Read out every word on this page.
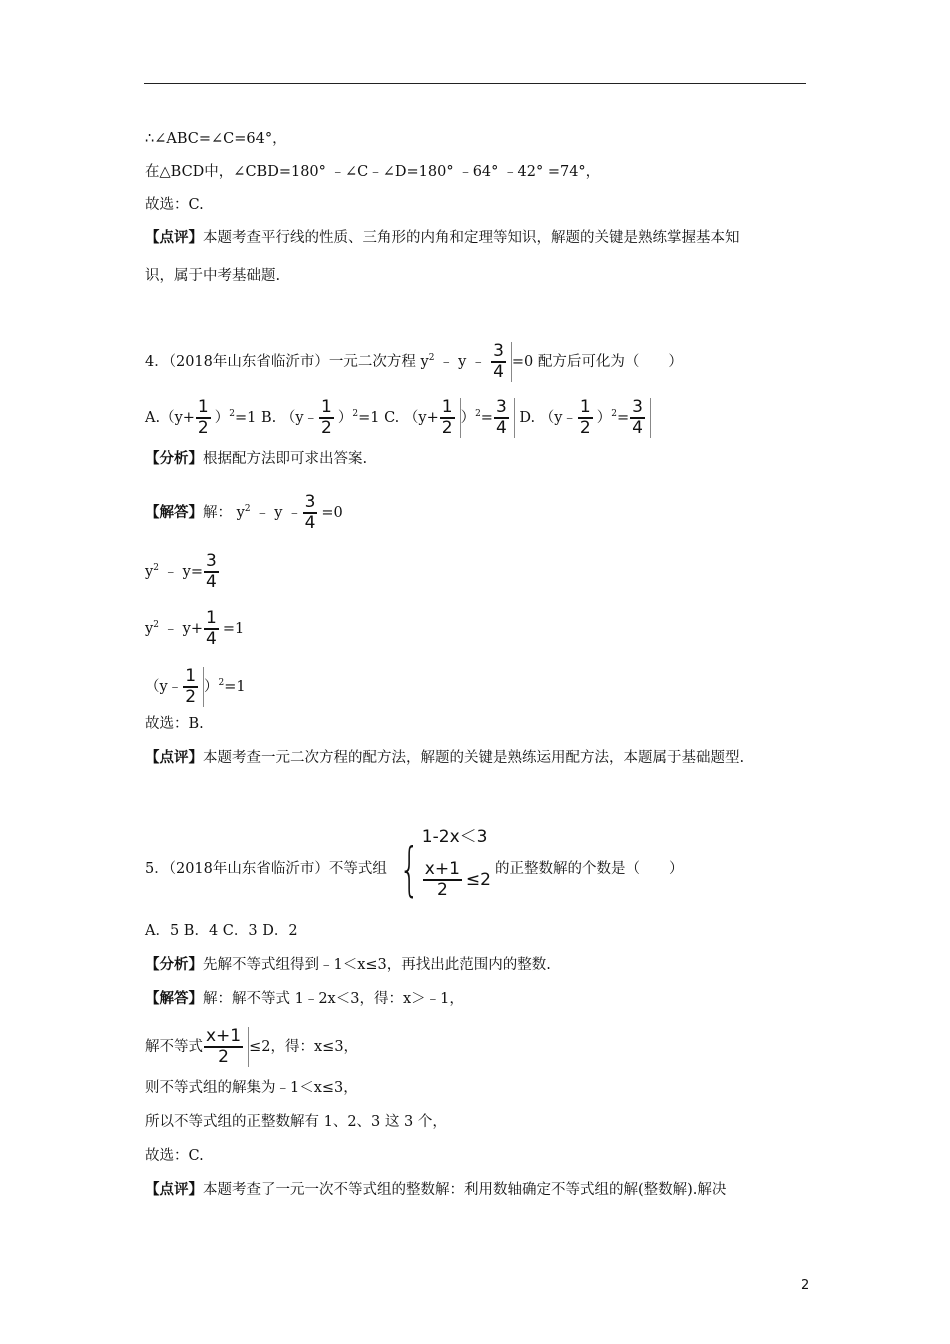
∴∠ABC=∠C=64°，
在△BCD中，∠CBD=180° ﹣∠C﹣∠D=180° ﹣64° ﹣42° =74°，
故选：C.
【点评】本题考查平行线的性质、三角形的内角和定理等知识，解题的关键是熟练掌握基本知
识，属于中考基础题.
4．（2018年山东省临沂市）一元二次方程 $y^2$ ﹣ y ﹣ $\frac{3}{4} =0$ 配方后可化为（　　）
$A.(y+ \frac{1}{2} )^2=1$ B. （y﹣ $\frac{1}{2} )^2=1$ C. $(y+ \frac{1}{2} )^2= \frac{3}{4} D$. （y﹣ $\frac{1}{2} )^2= \frac{3}{4}$
【分析】根据配方法即可求出答案.
【解答】解： $y^2$ ﹣ y ﹣ $\frac{3}{4} =0$
$y^2$ ﹣ $y= \frac{3}{4}$
$y^2$ ﹣ $y+ \frac{1}{4} =1$
（y﹣ $\frac{1}{2} )^2=1$
故选：B.
【点评】本题考查一元二次方程的配方法，解题的关键是熟练运用配方法，本题属于基础题型.
5．（2018年山东省临沂市）不等式组 { 1-2x＜3
$\frac{x+1}{2} \le 2$
的正整数解的个数是（　　）
A．5 B．4 C．3 D．2
【分析】先解不等式组得到﹣1＜x≤3，再找出此范围内的整数.
【解答】解：解不等式 1﹣2x＜3，得：x＞﹣1，
解不等式 $\frac{x+1}{2} \le 2$，得：x≤3，
则不等式组的解集为﹣1＜x≤3，
所以不等式组的正整数解有 1、2、3 这 3 个，
故选：C.
【点评】本题考查了一元一次不等式组的整数解：利用数轴确定不等式组的解(整数解).解决
2
